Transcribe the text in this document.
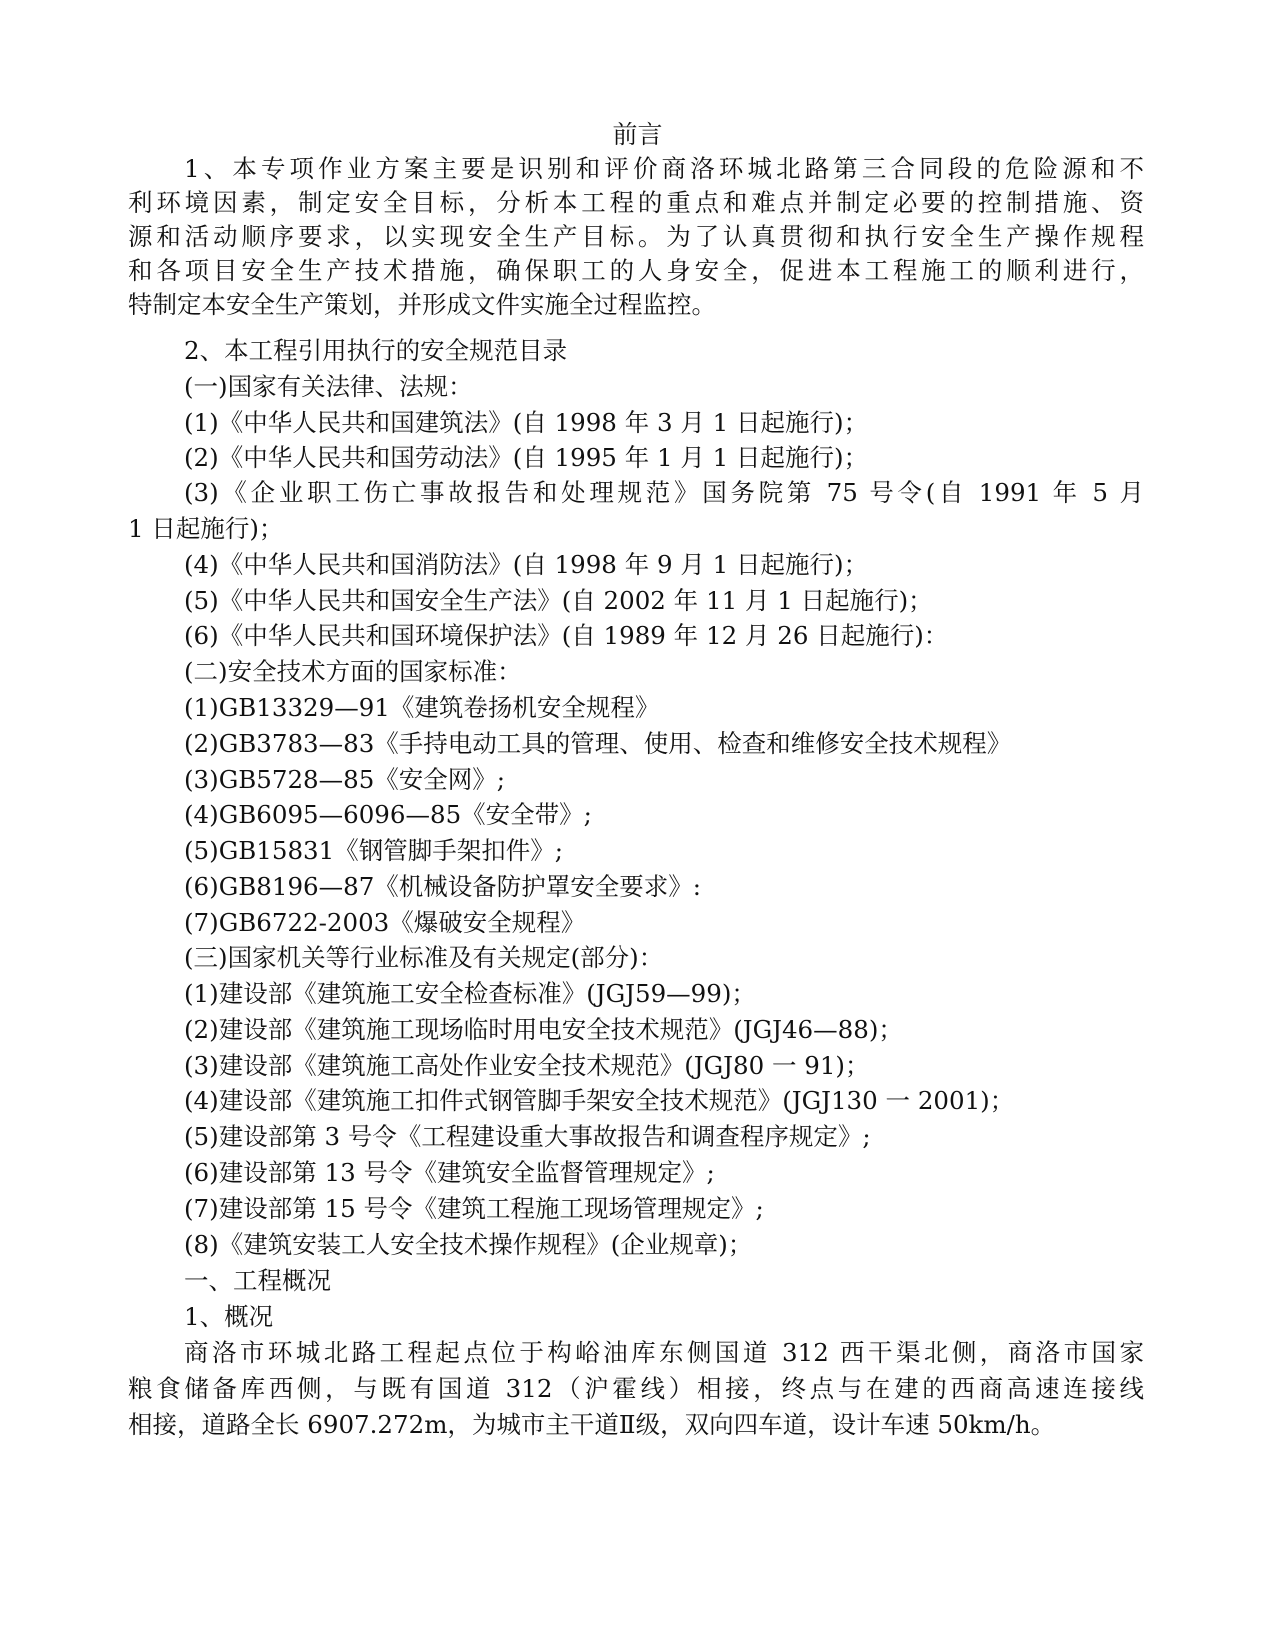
前言
1、本专项作业方案主要是识别和评价商洛环城北路第三合同段的危险源和不
利环境因素，制定安全目标，分析本工程的重点和难点并制定必要的控制措施、资
源和活动顺序要求，以实现安全生产目标。为了认真贯彻和执行安全生产操作规程
和各项目安全生产技术措施，确保职工的人身安全，促进本工程施工的顺利进行，
特制定本安全生产策划，并形成文件实施全过程监控。
2、本工程引用执行的安全规范目录
(一)国家有关法律、法规：
(1)《中华人民共和国建筑法》(自 1998 年 3 月 1 日起施行)；
(2)《中华人民共和国劳动法》(自 1995 年 1 月 1 日起施行)；
(3)《企业职工伤亡事故报告和处理规范》国务院第 75 号令(自 1991 年 5 月
1 日起施行)；
(4)《中华人民共和国消防法》(自 1998 年 9 月 1 日起施行)；
(5)《中华人民共和国安全生产法》(自 2002 年 11 月 1 日起施行)；
(6)《中华人民共和国环境保护法》(自 1989 年 12 月 26 日起施行)：
(二)安全技术方面的国家标准：
(1)GB13329—91《建筑卷扬机安全规程》
(2)GB3783—83《手持电动工具的管理、使用、检查和维修安全技术规程》
(3)GB5728—85《安全网》;
(4)GB6095—6096—85《安全带》;
(5)GB15831《钢管脚手架扣件》;
(6)GB8196—87《机械设备防护罩安全要求》:
(7)GB6722-2003《爆破安全规程》
(三)国家机关等行业标准及有关规定(部分)：
(1)建设部《建筑施工安全检查标准》(JGJ59—99)；
(2)建设部《建筑施工现场临时用电安全技术规范》(JGJ46—88)；
(3)建设部《建筑施工高处作业安全技术规范》(JGJ80 一 91)；
(4)建设部《建筑施工扣件式钢管脚手架安全技术规范》(JGJ130 一 2001)；
(5)建设部第 3 号令《工程建设重大事故报告和调查程序规定》;
(6)建设部第 13 号令《建筑安全监督管理规定》;
(7)建设部第 15 号令《建筑工程施工现场管理规定》;
(8)《建筑安装工人安全技术操作规程》(企业规章)；
一、工程概况
1、概况
商洛市环城北路工程起点位于构峪油库东侧国道 312 西干渠北侧，商洛市国家
粮食储备库西侧，与既有国道 312（沪霍线）相接，终点与在建的西商高速连接线
相接，道路全长 6907.272m，为城市主干道Ⅱ级，双向四车道，设计车速 50km/h。
